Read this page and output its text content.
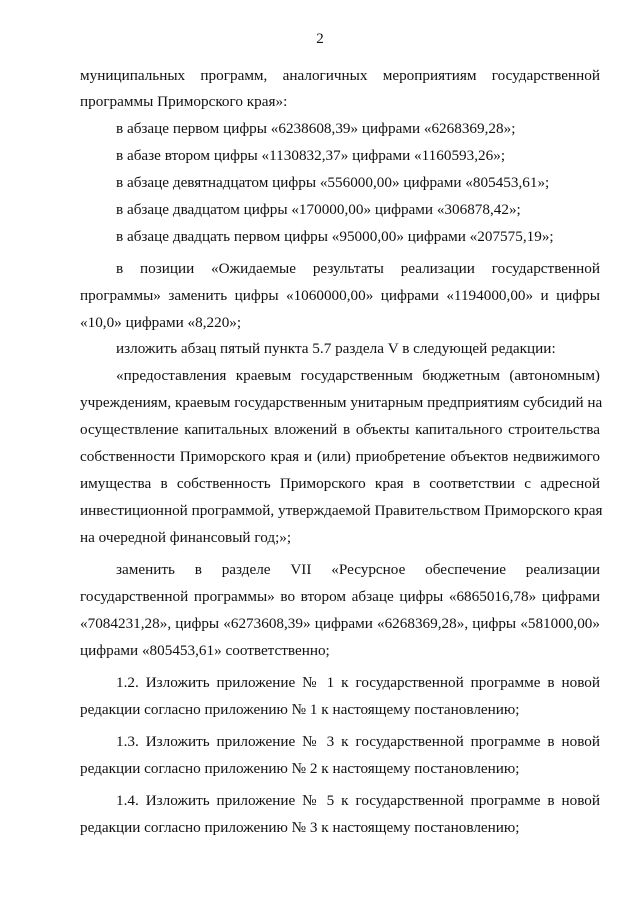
2
муниципальных программ, аналогичных мероприятиям государственной
программы Приморского края»:
в абзаце первом цифры «6238608,39» цифрами «6268369,28»;
в абазе втором цифры «1130832,37» цифрами «1160593,26»;
в абзаце девятнадцатом цифры «556000,00» цифрами «805453,61»;
в абзаце двадцатом цифры «170000,00» цифрами «306878,42»;
в абзаце двадцать первом цифры «95000,00» цифрами «207575,19»;
в позиции «Ожидаемые результаты реализации государственной
программы» заменить цифры «1060000,00» цифрами «1194000,00» и цифры
«10,0» цифрами «8,220»;
изложить абзац пятый пункта 5.7 раздела V в следующей редакции:
«предоставления краевым государственным бюджетным (автономным)
учреждениям, краевым государственным унитарным предприятиям субсидий на
осуществление капитальных вложений в объекты капитального строительства
собственности Приморского края и (или) приобретение объектов недвижимого
имущества в собственность Приморского края в соответствии с адресной
инвестиционной программой, утверждаемой Правительством Приморского края
на очередной финансовый год;»;
заменить в разделе VII «Ресурсное обеспечение реализации
государственной программы» во втором абзаце цифры «6865016,78» цифрами
«7084231,28», цифры «6273608,39» цифрами «6268369,28», цифры «581000,00»
цифрами «805453,61» соответственно;
1.2. Изложить приложение № 1 к государственной программе в новой
редакции согласно приложению № 1 к настоящему постановлению;
1.3. Изложить приложение № 3 к государственной программе в новой
редакции согласно приложению № 2 к настоящему постановлению;
1.4. Изложить приложение № 5 к государственной программе в новой
редакции согласно приложению № 3 к настоящему постановлению;
